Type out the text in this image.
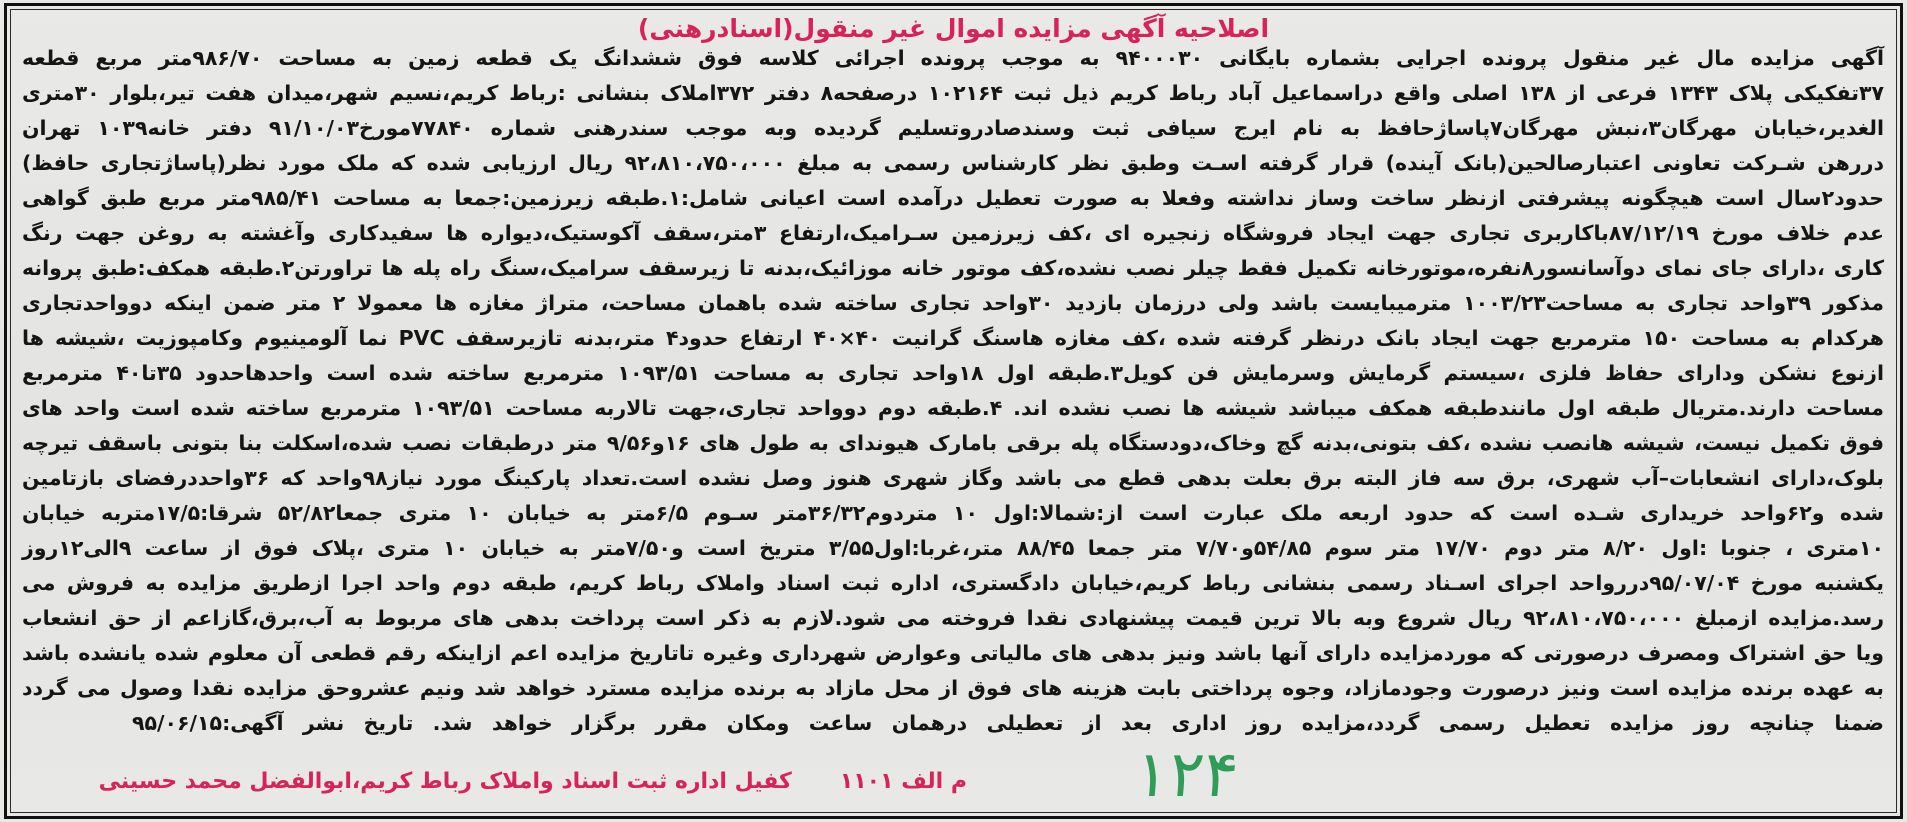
اصلاحیه آگهی مزایده اموال غیر منقول(اسنادرهنی)
آگهی مزایده مال غیر منقول پرونده اجرایی بشماره بایگانی ۹۴۰۰۰۳۰ به موجب پرونده اجرائی کلاسه فوق ششدانگ یک قطعه زمین به مساحت ۹۸۶/۷۰متر مربع قطعه
۳۷تفکیکی پلاک ۱۳۴۳ فرعی از ۱۳۸ اصلی واقع دراسماعیل آباد رباط کریم ذیل ثبت ۱۰۲۱۶۴ درصفحه۸ دفتر ۳۷۲املاک بنشانی :رباط کریم،نسیم شهر،میدان هفت تیر،بلوار ۳۰متری
الغدیر،خیابان مهرگان۳،نبش مهرگان۷پاساژحافظ به نام ایرج سیافی ثبت وسندصادروتسلیم گردیده وبه موجب سندرهنی شماره ۷۷۸۴۰مورخ۹۱/۱۰/۰۳ دفتر خانه۱۰۳۹ تهران
دررهن شـرکت تعاونی اعتبارصالحین(بانک آینده) قرار گرفته اسـت وطبق نظر کارشناس رسمی به مبلغ ۹۲،۸۱۰،۷۵۰،۰۰۰ ریال ارزیابی شده که ملک مورد نظر(پاساژتجاری حافظ)
حدود۲سال است هیچگونه پیشرفتی ازنظر ساخت وساز نداشته وفعلا به صورت تعطیل درآمده است اعیانی شامل:۱.طبقه زیرزمین:جمعا به مساحت ۹۸۵/۴۱متر مربع طبق گواهی
عدم خلاف مورخ ۸۷/۱۲/۱۹باکاربری تجاری جهت ایجاد فروشگاه زنجیره ای ،کف زیرزمین سـرامیک،ارتفاع ۳متر،سقف آکوستیک،دیواره ها سفیدکاری وآغشته به روغن جهت رنگ
کاری ،دارای جای نمای دوآسانسور۸نفره،موتورخانه تکمیل فقط چیلر نصب نشده،کف موتور خانه موزائیک،بدنه تا زیرسقف سرامیک،سنگ راه پله ها تراورتن۲.طبقه همکف:طبق پروانه
مذکور ۳۹واحد تجاری به مساحت۱۰۰۳/۲۳ مترمیبایست باشد ولی درزمان بازدید ۳۰واحد تجاری ساخته شده باهمان مساحت، متراژ مغازه ها معمولا ۲ متر ضمن اینکه دوواحدتجاری
هرکدام به مساحت ۱۵۰ مترمربع جهت ایجاد بانک درنظر گرفته شده ،کف مغازه هاسنگ گرانیت ۴۰×۴۰ ارتفاع حدود۴ متر،بدنه تازیرسقف PVC نما آلومینیوم وکامپوزیت ،شیشه ها
ازنوع نشکن ودارای حفاظ فلزی ،سیستم گرمایش وسرمایش فن کویل۳.طبقه اول ۱۸واحد تجاری به مساحت ۱۰۹۳/۵۱ مترمربع ساخته شده است واحدهاحدود ۳۵تا۴۰ مترمربع
مساحت دارند.متریال طبقه اول مانندطبقه همکف میباشد شیشه ها نصب نشده اند. ۴.طبقه دوم دوواحد تجاری،جهت تالاربه مساحت ۱۰۹۳/۵۱ مترمربع ساخته شده است واحد های
فوق تکمیل نیست، شیشه هانصب نشده ،کف بتونی،بدنه گچ وخاک،دودستگاه پله برقی بامارک هیوندای به طول های ۱۶و۹/۵۶ متر درطبقات نصب شده،اسکلت بنا بتونی باسقف تیرچه
بلوک،دارای انشعابات–آب شهری، برق سه فاز البته برق بعلت بدهی قطع می باشد وگاز شهری هنوز وصل نشده است.تعداد پارکینگ مورد نیاز۹۸واحد که ۳۶واحددرفضای بازتامین
شده و۶۲واحد خریداری شـده است که حدود اربعه ملک عبارت است از:شمالا:اول ۱۰ متردوم۳۶/۳۲متر سـوم ۶/۵متر به خیابان ۱۰ متری جمعا۵۲/۸۲ شرقا:۱۷/۵متربه خیابان
۱۰متری ، جنوبا :اول ۸/۲۰ متر دوم ۱۷/۷۰ متر سوم ۵۴/۸۵و۷/۷۰ متر جمعا ۸۸/۴۵ متر،غربا:اول۳/۵۵ متریخ است و۷/۵۰متر به خیابان ۱۰ متری ،پلاک فوق از ساعت ۹الی۱۲روز
یکشنبه مورخ ۹۵/۰۷/۰۴دررواحد اجرای اسـناد رسمی بنشانی رباط کریم،خیابان دادگستری، اداره ثبت اسناد واملاک رباط کریم، طبقه دوم واحد اجرا ازطریق مزایده به فروش می
رسد.مزایده ازمبلغ ۹۲،۸۱۰،۷۵۰،۰۰۰ ریال شروع وبه بالا ترین قیمت پیشنهادی نقدا فروخته می شود.لازم به ذکر است پرداخت بدهی های مربوط به آب،برق،گازاعم از حق انشعاب
ویا حق اشتراک ومصرف درصورتی که موردمزایده دارای آنها باشد ونیز بدهی های مالیاتی وعوارض شهرداری وغیره تاتاریخ مزایده اعم ازاینکه رقم قطعی آن معلوم شده یانشده باشد
به عهده برنده مزایده است ونیز درصورت وجودمازاد، وجوه پرداختی بابت هزینه های فوق از محل مازاد به برنده مزایده مسترد خواهد شد ونیم عشروحق مزایده نقدا وصول می گردد
ضمنا چنانچه روز مزایده تعطیل رسمی گردد،مزایده روز اداری بعد از تعطیلی درهمان ساعت ومکان مقرر برگزار خواهد شد. تاریخ نشر آگهی:۹۵/۰۶/۱۵
م الف ۱۱۰۱
کفیل اداره ثبت اسناد واملاک رباط کریم،ابوالفضل محمد حسینی	۱۲۴
